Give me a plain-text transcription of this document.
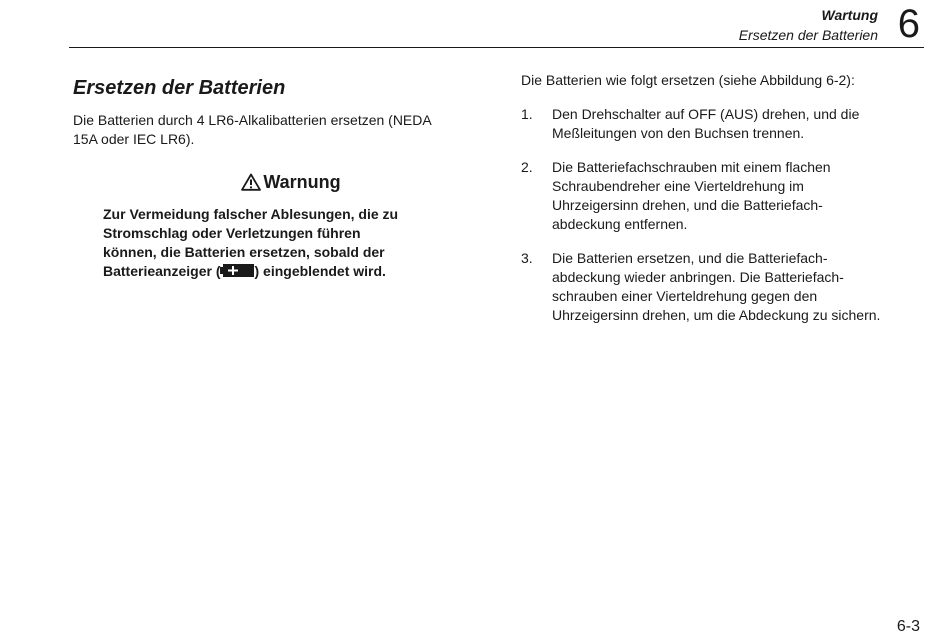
Wartung
Ersetzen der Batterien 6
Ersetzen der Batterien

Die Batterien durch 4 LR6-Alkalibatterien ersetzen (NEDA
15A oder IEC LR6).

Warnung
Zur Vermeidung falscher Ablesungen, die zu
Stromschlag oder Verletzungen führen
können, die Batterien ersetzen, sobald der
Batterieanzeiger ( ) eingeblendet wird.

Die Batterien wie folgt ersetzen (siehe Abbildung 6-2):

1.	Den Drehschalter auf OFF (AUS) drehen, und die
Meßleitungen von den Buchsen trennen.
2.	Die Batteriefachschrauben mit einem flachen
Schraubendreher eine Vierteldrehung im
Uhrzeigersinn drehen, und die Batteriefach-
abdeckung entfernen.
3.	Die Batterien ersetzen, und die Batteriefach-
abdeckung wieder anbringen. Die Batteriefach-
schrauben einer Vierteldrehung gegen den
Uhrzeigersinn drehen, um die Abdeckung zu sichern.
6-3
